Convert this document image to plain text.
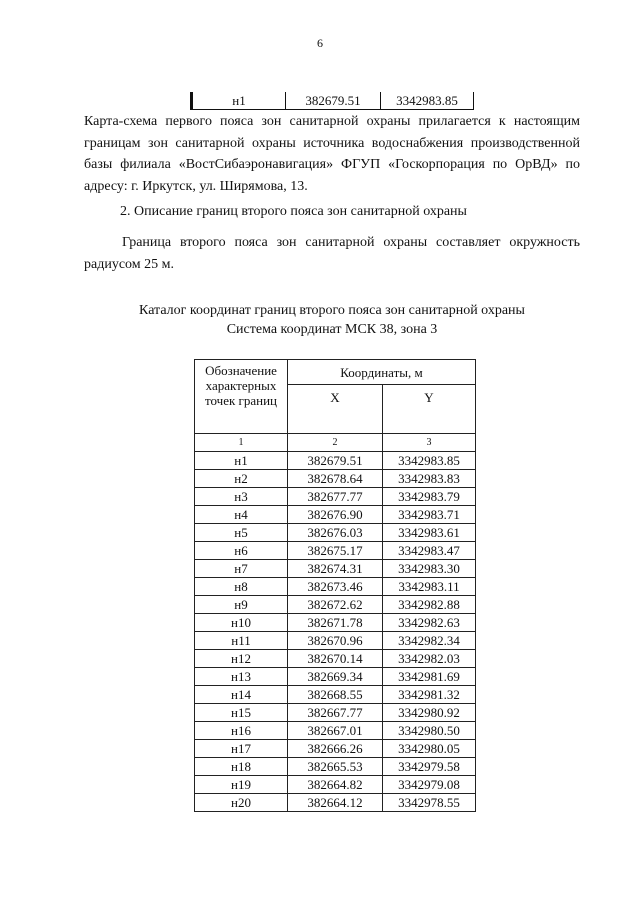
6
н1	382679.51	3342983.85

Карта-схема первого пояса зон санитарной охраны прилагается к настоящим границам зон санитарной охраны источника водоснабжения производственной базы филиала «ВостСибаэронавигация» ФГУП «Госкорпорация по ОрВД» по адресу: г. Иркутск, ул. Ширямова, 13.

2. Описание границ второго пояса зон санитарной охраны

Граница второго пояса зон санитарной охраны составляет окружность радиусом 25 м.

Каталог координат границ второго пояса зон санитарной охраны
Система координат МСК 38, зона 3
Обозначение характерных точек границ	Координаты, м	
	X	Y
1	2	3
н1	382679.51	3342983.85
н2	382678.64	3342983.83
н3	382677.77	3342983.79
н4	382676.90	3342983.71
н5	382676.03	3342983.61
н6	382675.17	3342983.47
н7	382674.31	3342983.30
н8	382673.46	3342983.11
н9	382672.62	3342982.88
н10	382671.78	3342982.63
н11	382670.96	3342982.34
н12	382670.14	3342982.03
н13	382669.34	3342981.69
н14	382668.55	3342981.32
н15	382667.77	3342980.92
н16	382667.01	3342980.50
н17	382666.26	3342980.05
н18	382665.53	3342979.58
н19	382664.82	3342979.08
н20	382664.12	3342978.55
